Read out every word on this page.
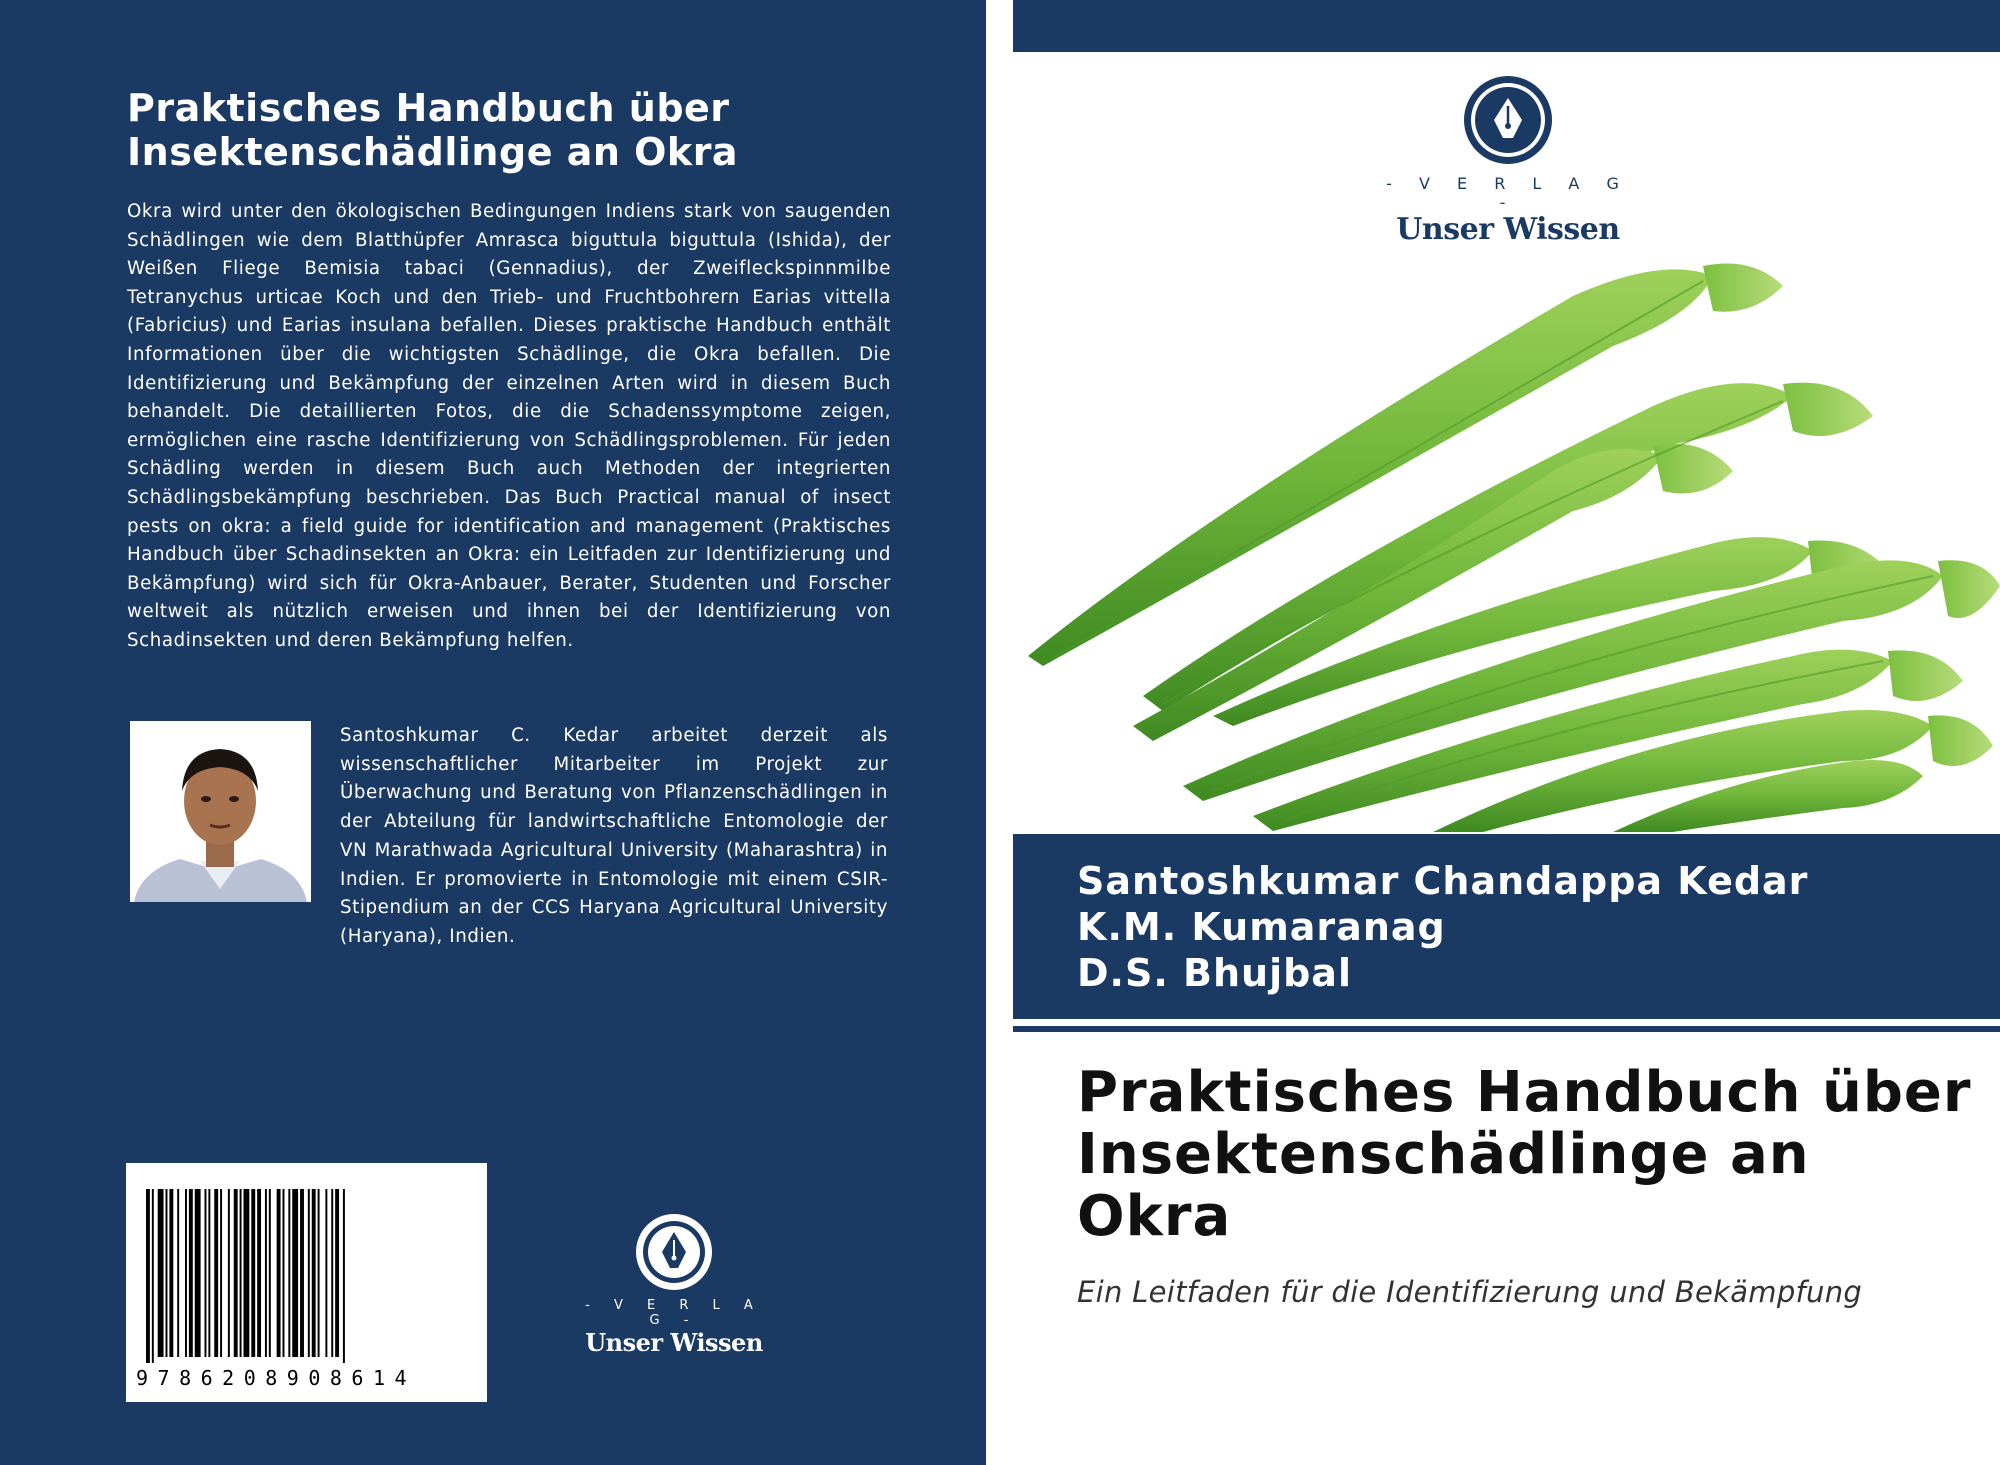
Praktisches Handbuch über Insektenschädlinge an Okra

Okra wird unter den ökologischen Bedingungen Indiens stark von saugenden Schädlingen wie dem Blatthüpfer Amrasca biguttula biguttula (Ishida), der Weißen Fliege Bemisia tabaci (Gennadius), der Zweifleckspinnmilbe Tetranychus urticae Koch und den Trieb- und Fruchtbohrern Earias vittella (Fabricius) und Earias insulana befallen. Dieses praktische Handbuch enthält Informationen über die wichtigsten Schädlinge, die Okra befallen. Die Identifizierung und Bekämpfung der einzelnen Arten wird in diesem Buch behandelt. Die detaillierten Fotos, die die Schadenssymptome zeigen, ermöglichen eine rasche Identifizierung von Schädlingsproblemen. Für jeden Schädling werden in diesem Buch auch Methoden der integrierten Schädlingsbekämpfung beschrieben. Das Buch Practical manual of insect pests on okra: a field guide for identification and management (Praktisches Handbuch über Schadinsekten an Okra: ein Leitfaden zur Identifizierung und Bekämpfung) wird sich für Okra-Anbauer, Berater, Studenten und Forscher weltweit als nützlich erweisen und ihnen bei der Identifizierung von Schadinsekten und deren Bekämpfung helfen.

Santoshkumar C. Kedar arbeitet derzeit als wissenschaftlicher Mitarbeiter im Projekt zur Überwachung und Beratung von Pflanzenschädlingen in der Abteilung für landwirtschaftliche Entomologie der VN Marathwada Agricultural University (Maharashtra) in Indien. Er promovierte in Entomologie mit einem CSIR-Stipendium an der CCS Haryana Agricultural University (Haryana), Indien.

9786208908614
- V E R L A G -
Unser Wissen
- V E R L A G -
Unser Wissen
Santoshkumar Chandappa Kedar
K.M. Kumaranag
D.S. Bhujbal
Praktisches Handbuch über Insektenschädlinge an Okra

Ein Leitfaden für die Identifizierung und Bekämpfung
